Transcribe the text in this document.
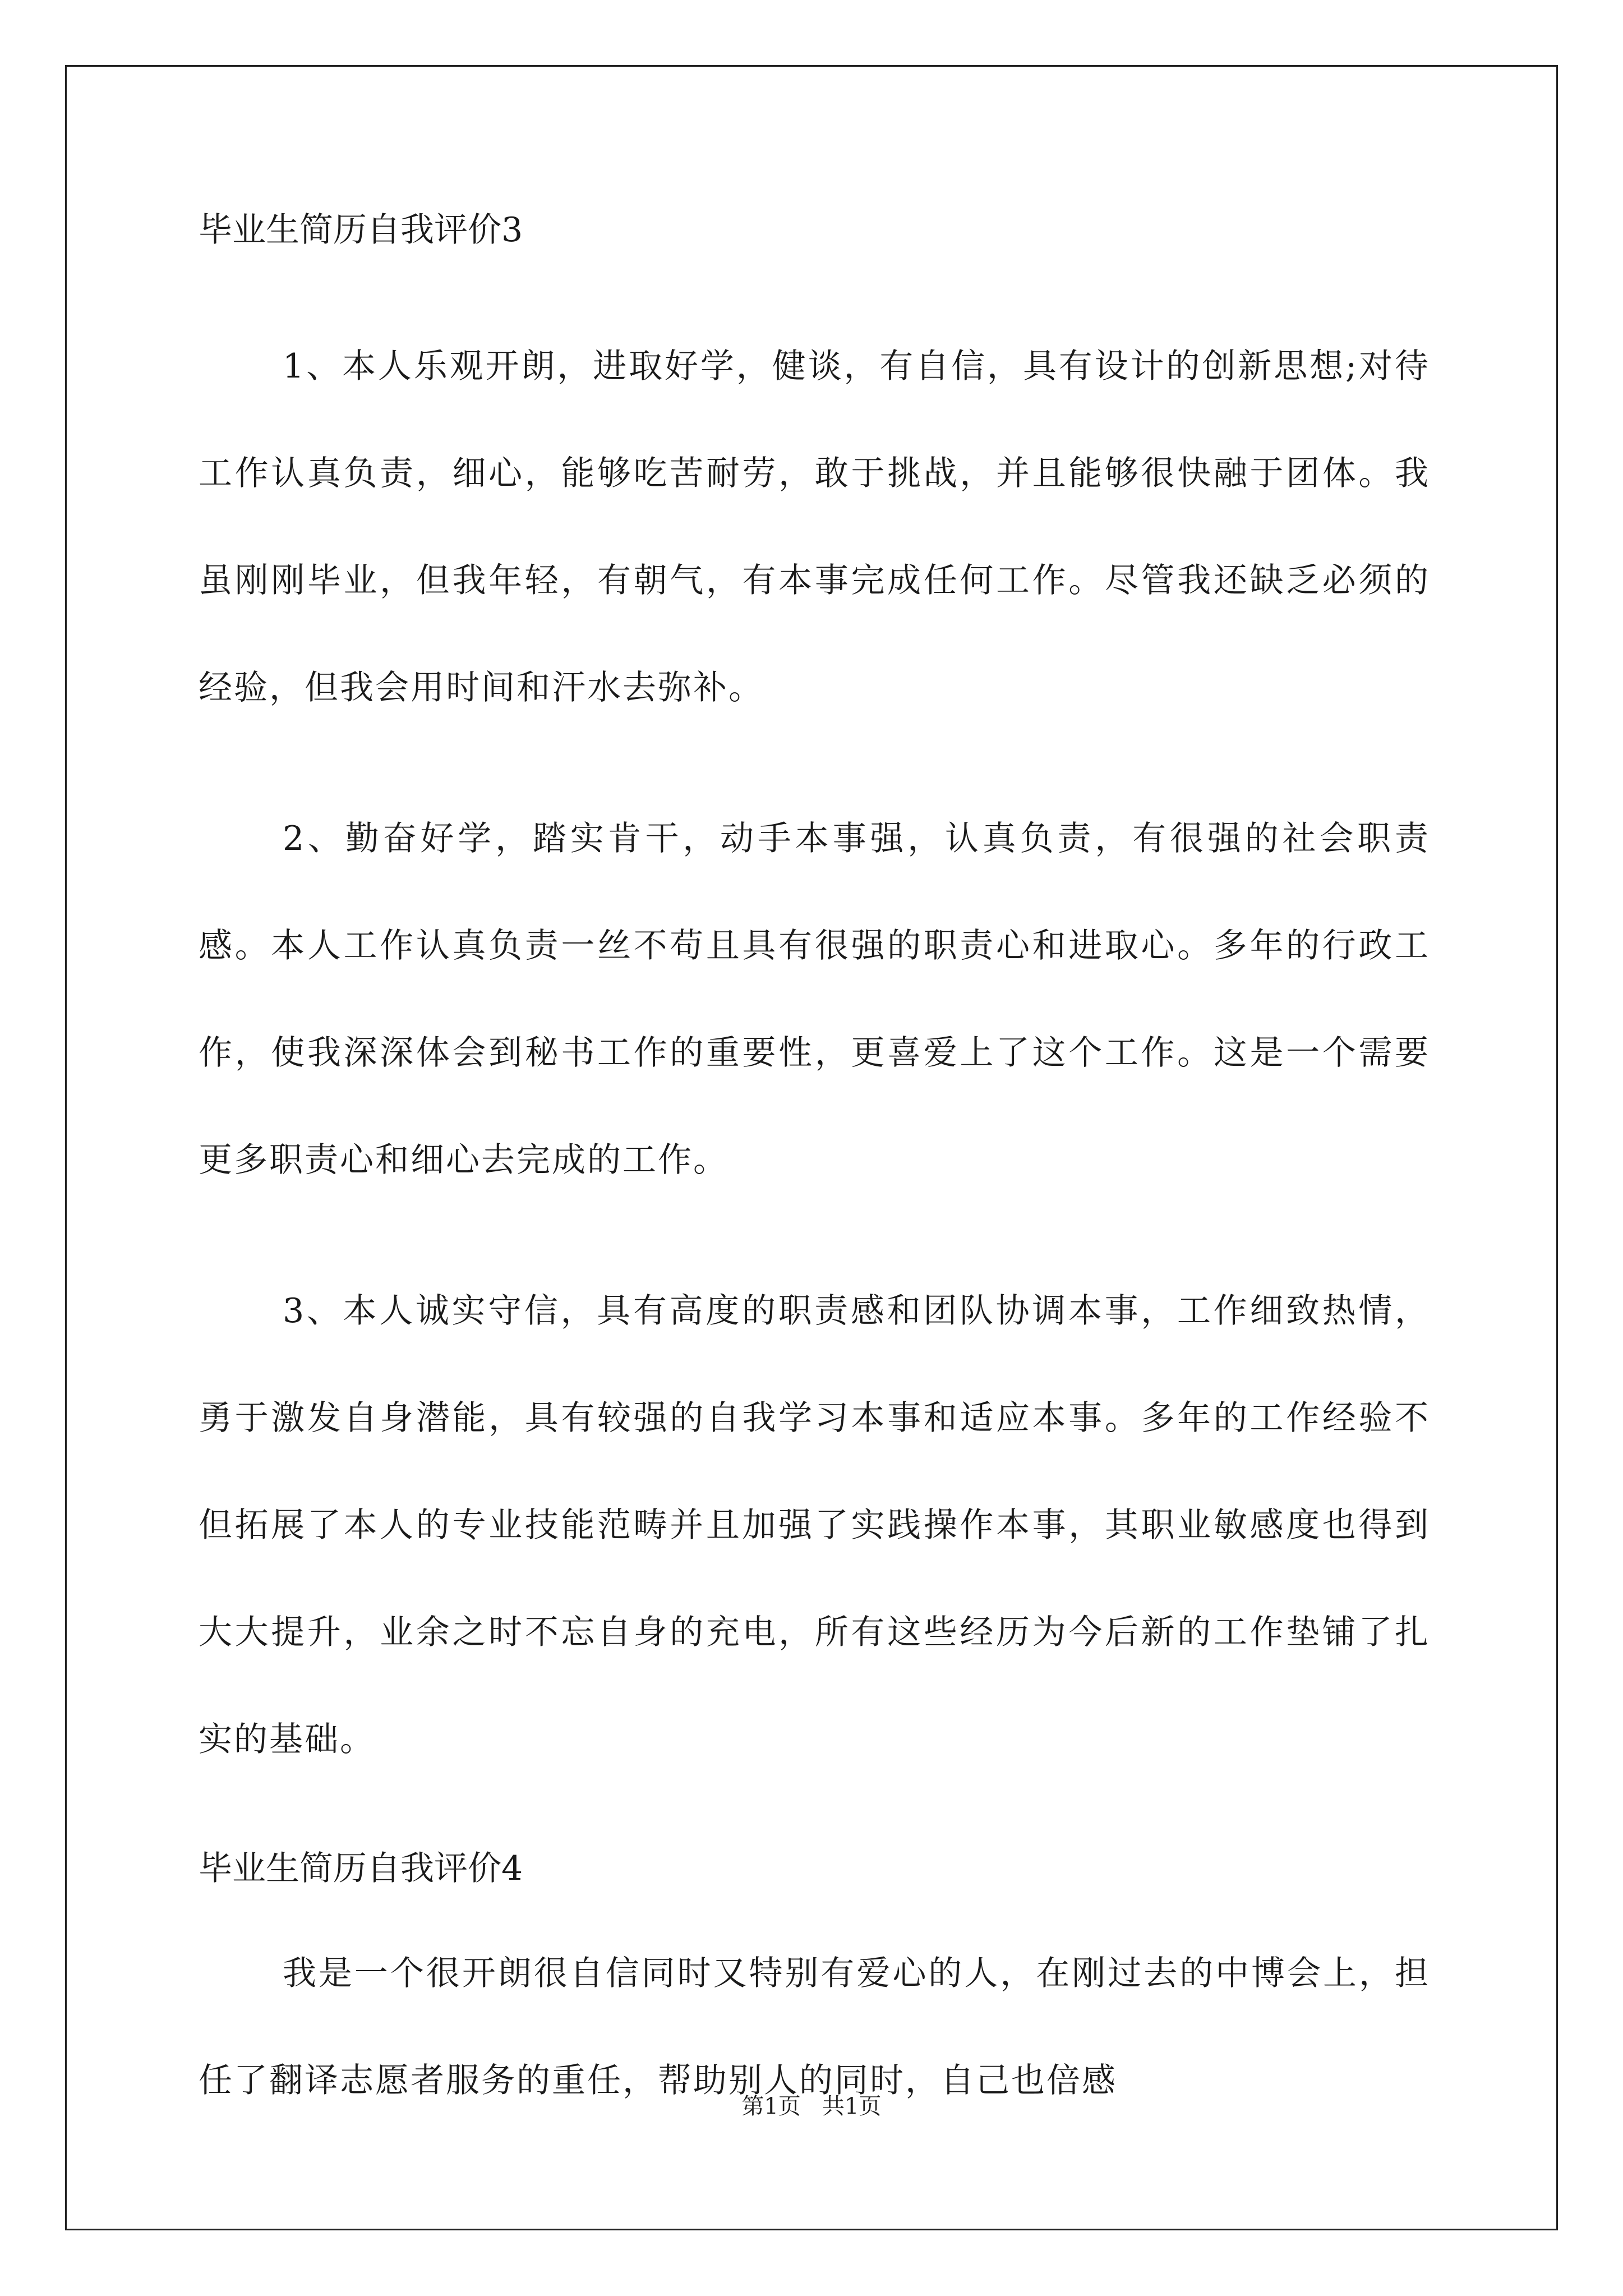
毕业生简历自我评价3

1、本人乐观开朗，进取好学，健谈，有自信，具有设计的创新思想;对待工作认真负责，细心，能够吃苦耐劳，敢于挑战，并且能够很快融于团体。我虽刚刚毕业，但我年轻，有朝气，有本事完成任何工作。尽管我还缺乏必须的经验，但我会用时间和汗水去弥补。

2、勤奋好学，踏实肯干，动手本事强，认真负责，有很强的社会职责感。本人工作认真负责一丝不苟且具有很强的职责心和进取心。多年的行政工作，使我深深体会到秘书工作的重要性，更喜爱上了这个工作。这是一个需要更多职责心和细心去完成的工作。

3、本人诚实守信，具有高度的职责感和团队协调本事，工作细致热情，勇于激发自身潜能，具有较强的自我学习本事和适应本事。多年的工作经验不但拓展了本人的专业技能范畴并且加强了实践操作本事，其职业敏感度也得到大大提升，业余之时不忘自身的充电，所有这些经历为今后新的工作垫铺了扎实的基础。

毕业生简历自我评价4

我是一个很开朗很自信同时又特别有爱心的人，在刚过去的中博会上，担任了翻译志愿者服务的重任，帮助别人的同时，自己也倍感

第1页   共1页
